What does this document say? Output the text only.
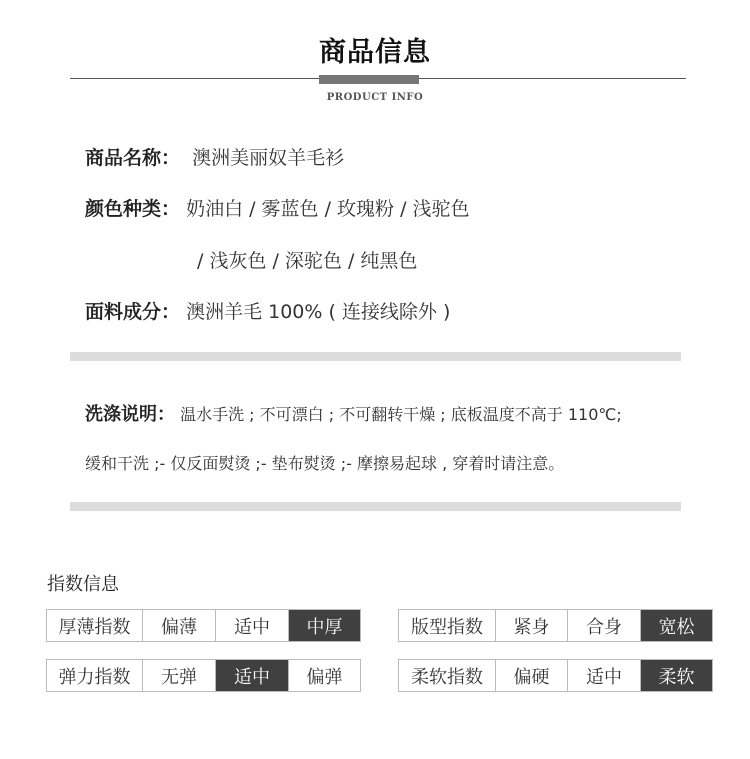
商品信息
PRODUCT INFO
商品名称： 澳洲美丽奴羊毛衫
颜色种类： 奶油白 / 雾蓝色 / 玫瑰粉 / 浅驼色
/ 浅灰色 / 深驼色 / 纯黑色
面料成分： 澳洲羊毛 100% ( 连接线除外 )
洗涤说明： 温水手洗 ; 不可漂白 ; 不可翻转干燥 ; 底板温度不高于 110℃;
缓和干洗 ;- 仅反面熨烫 ;- 垫布熨烫 ;- 摩擦易起球 , 穿着时请注意。
指数信息
厚薄指数	偏薄	适中	中厚	版型指数	紧身	合身	宽松
弹力指数	无弹	适中	偏弹	柔软指数	偏硬	适中	柔软
